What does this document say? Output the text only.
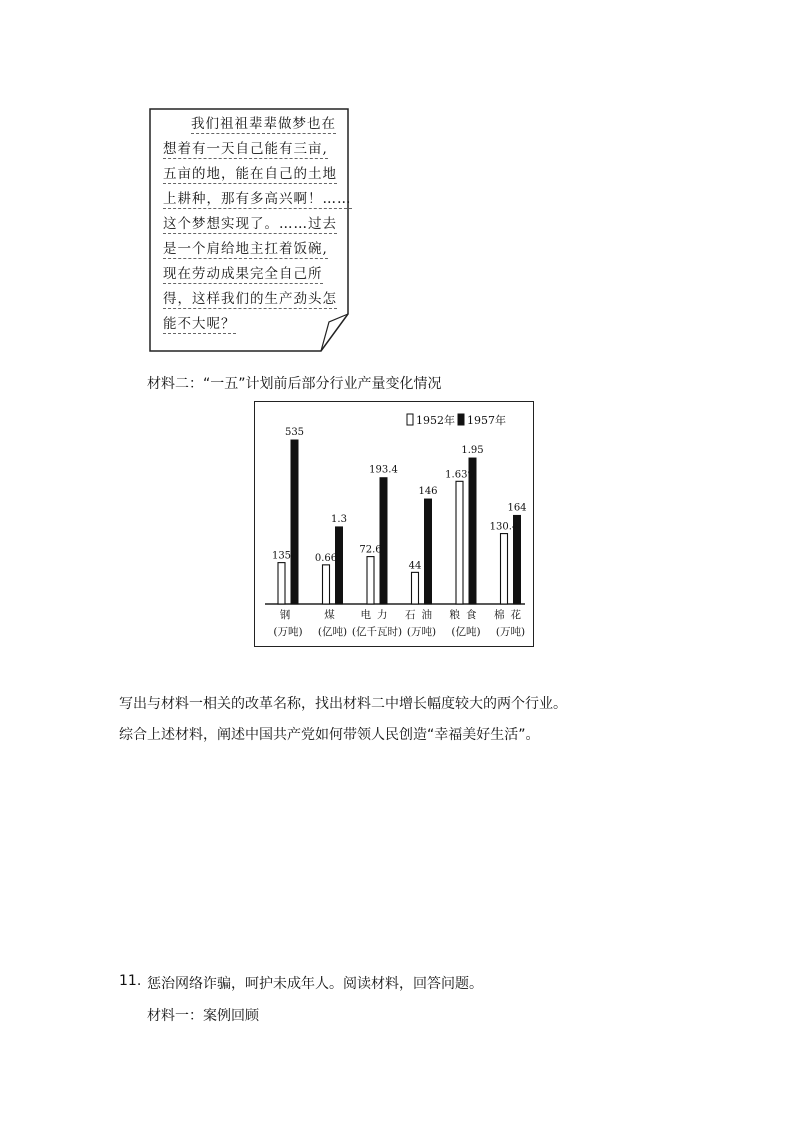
我们祖祖辈辈做梦也在
想着有一天自己能有三亩,
五亩的地，能在自己的土地
上耕种，那有多高兴啊！……
这个梦想实现了。……过去
是一个肩给地主扛着饭碗,
现在劳动成果完全自己所
得，这样我们的生产劲头怎
能不大呢？
材料二：“一五”计划前后部分行业产量变化情况
135
535
钢
(万吨)
0.66
1.3
煤
(亿吨)
72.6
193.4
电力
(亿千瓦时)
44
146
石油
(万吨)
1.639
1.95
粮食
(亿吨)
130.4
164
棉花
(万吨)
1952年 1957年
写出与材料一相关的改革名称，找出材料二中增长幅度较大的两个行业。
综合上述材料，阐述中国共产党如何带领人民创造“幸福美好生活”。
11. 惩治网络诈骗，呵护未成年人。阅读材料，回答问题。
材料一：案例回顾
